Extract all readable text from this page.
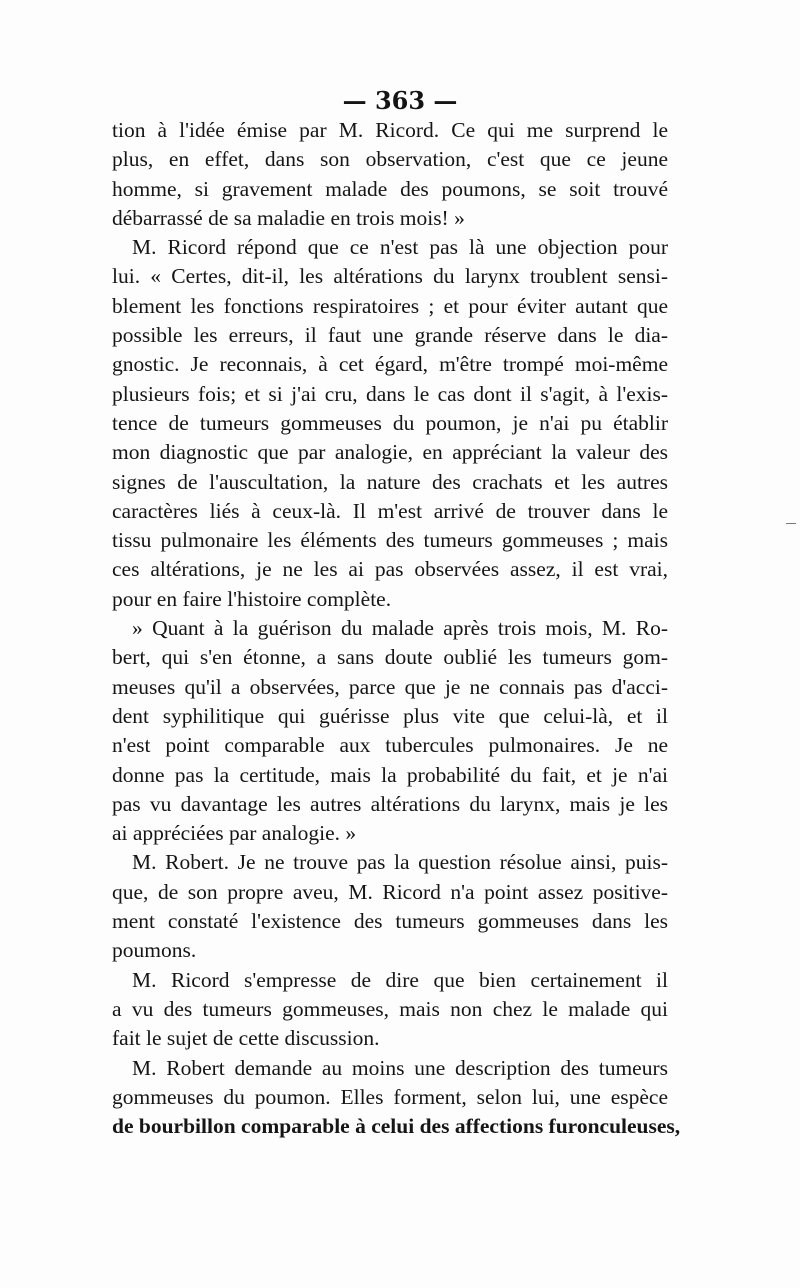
— 363 —
tion à l'idée émise par M. Ricord. Ce qui me surprend le
plus, en effet, dans son observation, c'est que ce jeune
homme, si gravement malade des poumons, se soit trouvé
débarrassé de sa maladie en trois mois! »
M. Ricord répond que ce n'est pas là une objection pour
lui. « Certes, dit-il, les altérations du larynx troublent sensi-
blement les fonctions respiratoires ; et pour éviter autant que
possible les erreurs, il faut une grande réserve dans le dia-
gnostic. Je reconnais, à cet égard, m'être trompé moi-même
plusieurs fois; et si j'ai cru, dans le cas dont il s'agit, à l'exis-
tence de tumeurs gommeuses du poumon, je n'ai pu établir
mon diagnostic que par analogie, en appréciant la valeur des
signes de l'auscultation, la nature des crachats et les autres
caractères liés à ceux-là. Il m'est arrivé de trouver dans le
tissu pulmonaire les éléments des tumeurs gommeuses ; mais
ces altérations, je ne les ai pas observées assez, il est vrai,
pour en faire l'histoire complète.
» Quant à la guérison du malade après trois mois, M. Ro-
bert, qui s'en étonne, a sans doute oublié les tumeurs gom-
meuses qu'il a observées, parce que je ne connais pas d'acci-
dent syphilitique qui guérisse plus vite que celui-là, et il
n'est point comparable aux tubercules pulmonaires. Je ne
donne pas la certitude, mais la probabilité du fait, et je n'ai
pas vu davantage les autres altérations du larynx, mais je les
ai appréciées par analogie. »
M. Robert. Je ne trouve pas la question résolue ainsi, puis-
que, de son propre aveu, M. Ricord n'a point assez positive-
ment constaté l'existence des tumeurs gommeuses dans les
poumons.
M. Ricord s'empresse de dire que bien certainement il
a vu des tumeurs gommeuses, mais non chez le malade qui
fait le sujet de cette discussion.
M. Robert demande au moins une description des tumeurs
gommeuses du poumon. Elles forment, selon lui, une espèce
de bourbillon comparable à celui des affections furonculeuses,
